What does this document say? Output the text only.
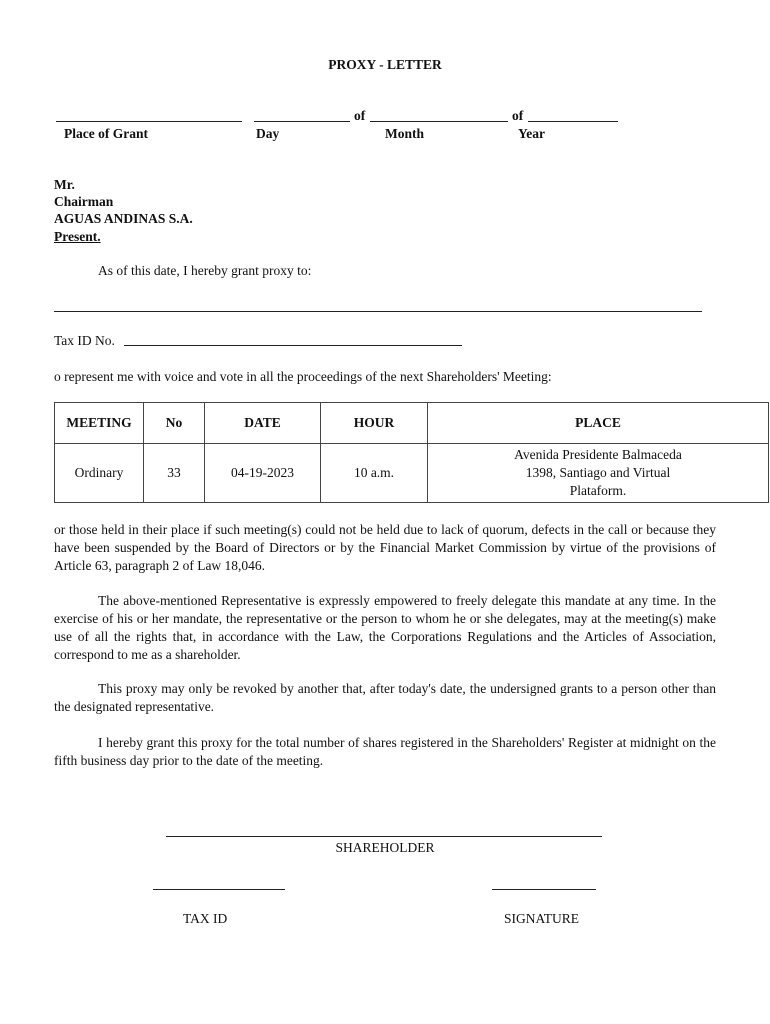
PROXY - LETTER
of	of
Place of Grant	Day	Month	Year
Mr.
Chairman
AGUAS ANDINAS S.A.
Present.
As of this date, I hereby grant proxy to:
Tax ID No.
o represent me with voice and vote in all the proceedings of the next Shareholders' Meeting:
MEETING	No	DATE	HOUR	PLACE
Ordinary	33	04-19-2023	10 a.m.	Avenida Presidente Balmaceda
1398, Santiago and Virtual
Plataform.
or those held in their place if such meeting(s) could not be held due to lack of quorum, defects in the call or because they have been suspended by the Board of Directors or by the Financial Market Commission by virtue of the provisions of Article 63, paragraph 2 of Law 18,046.
The above-mentioned Representative is expressly empowered to freely delegate this mandate at any time. In the exercise of his or her mandate, the representative or the person to whom he or she delegates, may at the meeting(s) make use of all the rights that, in accordance with the Law, the Corporations Regulations and the Articles of Association, correspond to me as a shareholder.
This proxy may only be revoked by another that, after today's date, the undersigned grants to a person other than the designated representative.
I hereby grant this proxy for the total number of shares registered in the Shareholders' Register at midnight on the fifth business day prior to the date of the meeting.
SHAREHOLDER
TAX ID	SIGNATURE
